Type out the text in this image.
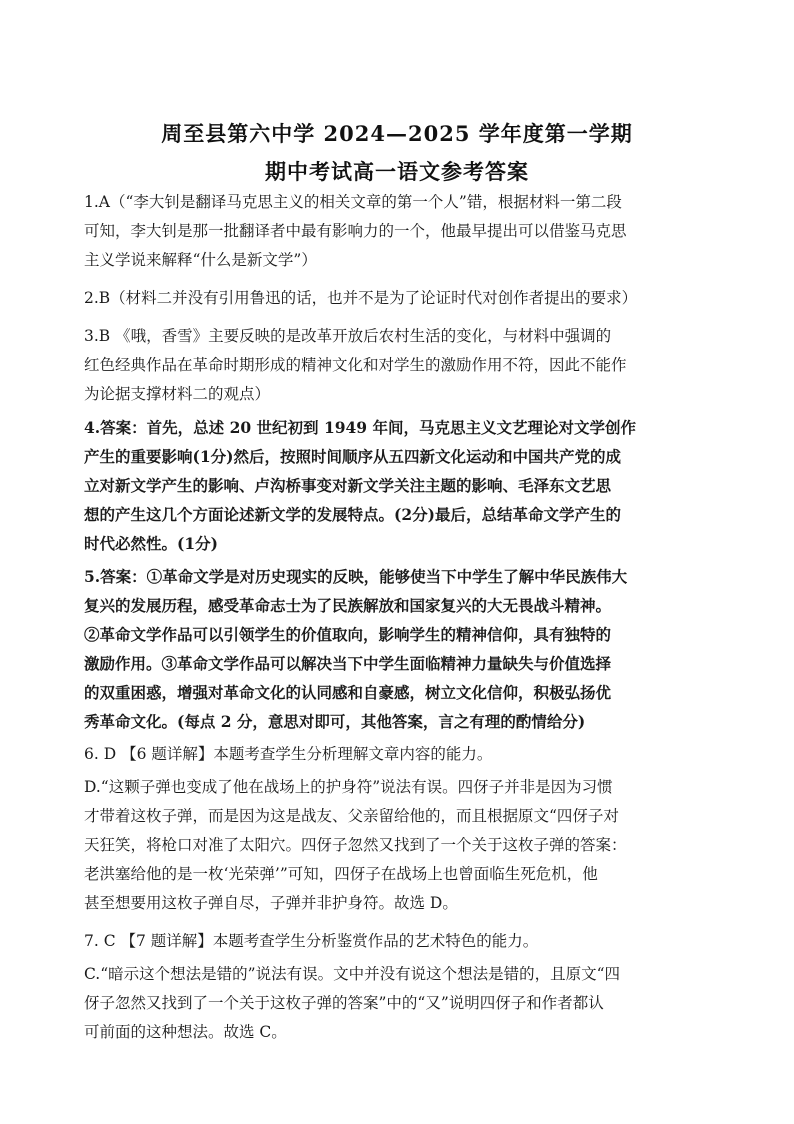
周至县第六中学 2024—2025 学年度第一学期
期中考试高一语文参考答案
1.A（“李大钊是翻译马克思主义的相关文章的第一个人”错，根据材料一第二段
可知，李大钊是那一批翻译者中最有影响力的一个，他最早提出可以借鉴马克思
主义学说来解释“什么是新文学”）
2.B（材料二并没有引用鲁迅的话，也并不是为了论证时代对创作者提出的要求）
3.B 《哦，香雪》主要反映的是改革开放后农村生活的变化，与材料中强调的
红色经典作品在革命时期形成的精神文化和对学生的激励作用不符，因此不能作
为论据支撑材料二的观点）
4.答案：首先，总述 20 世纪初到 1949 年间，马克思主义文艺理论对文学创作
产生的重要影响(1分)然后，按照时间顺序从五四新文化运动和中国共产党的成
立对新文学产生的影响、卢沟桥事变对新文学关注主题的影响、毛泽东文艺思
想的产生这几个方面论述新文学的发展特点。(2分)最后，总结革命文学产生的
时代必然性。(1分)
5.答案：①革命文学是对历史现实的反映，能够使当下中学生了解中华民族伟大
复兴的发展历程，感受革命志士为了民族解放和国家复兴的大无畏战斗精神。
②革命文学作品可以引领学生的价值取向，影响学生的精神信仰，具有独特的
激励作用。③革命文学作品可以解决当下中学生面临精神力量缺失与价值选择
的双重困惑，增强对革命文化的认同感和自豪感，树立文化信仰，积极弘扬优
秀革命文化。(每点 2 分，意思对即可，其他答案，言之有理的酌情给分)
6. D 【6 题详解】本题考查学生分析理解文章内容的能力。
D.“这颗子弹也变成了他在战场上的护身符”说法有误。四伢子并非是因为习惯
才带着这枚子弹，而是因为这是战友、父亲留给他的，而且根据原文“四伢子对
天狂笑，将枪口对准了太阳穴。四伢子忽然又找到了一个关于这枚子弹的答案：
老洪塞给他的是一枚‘光荣弹’”可知，四伢子在战场上也曾面临生死危机，他
甚至想要用这枚子弹自尽，子弹并非护身符。故选 D。
7. C 【7 题详解】本题考查学生分析鉴赏作品的艺术特色的能力。
C.“暗示这个想法是错的”说法有误。文中并没有说这个想法是错的，且原文“四
伢子忽然又找到了一个关于这枚子弹的答案”中的“又”说明四伢子和作者都认
可前面的这种想法。故选 C。
